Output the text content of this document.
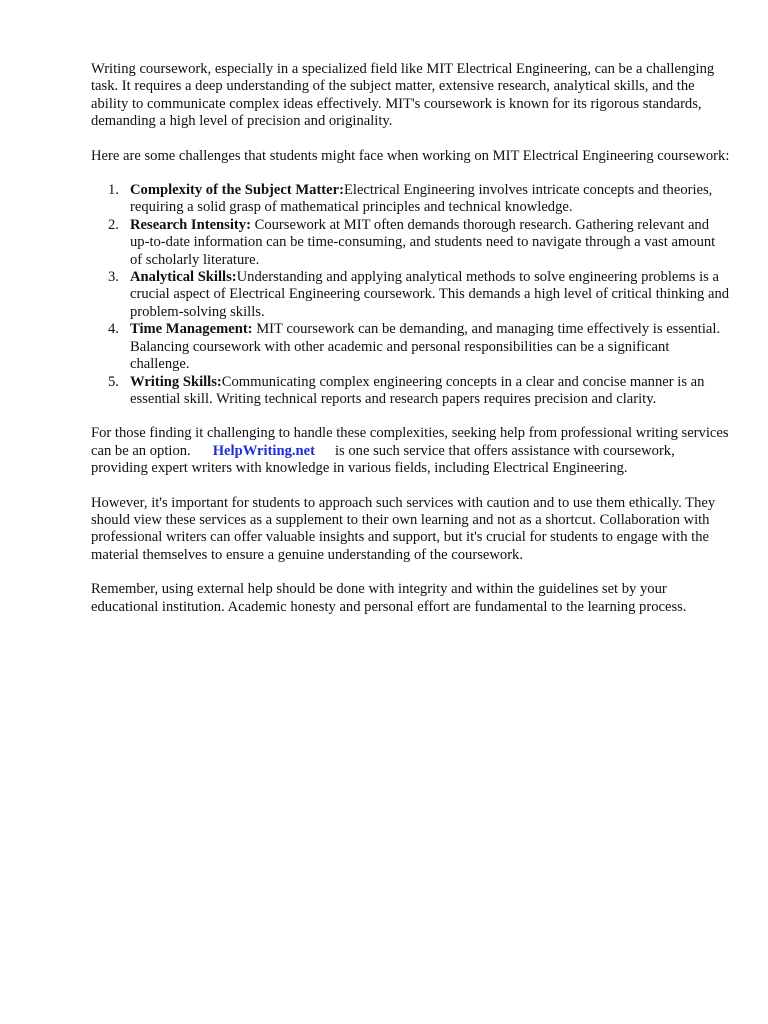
Writing coursework, especially in a specialized field like MIT Electrical Engineering, can be a challenging task. It requires a deep understanding of the subject matter, extensive research, analytical skills, and the ability to communicate complex ideas effectively. MIT's coursework is known for its rigorous standards, demanding a high level of precision and originality.

Here are some challenges that students might face when working on MIT Electrical Engineering coursework:

1. Complexity of the Subject Matter:Electrical Engineering involves intricate concepts and theories, requiring a solid grasp of mathematical principles and technical knowledge.
2. Research Intensity: Coursework at MIT often demands thorough research. Gathering relevant and up-to-date information can be time-consuming, and students need to navigate through a vast amount of scholarly literature.
3. Analytical Skills:Understanding and applying analytical methods to solve engineering problems is a crucial aspect of Electrical Engineering coursework. This demands a high level of critical thinking and problem-solving skills.
4. Time Management: MIT coursework can be demanding, and managing time effectively is essential. Balancing coursework with other academic and personal responsibilities can be a significant challenge.
5. Writing Skills:Communicating complex engineering concepts in a clear and concise manner is an essential skill. Writing technical reports and research papers requires precision and clarity.

For those finding it challenging to handle these complexities, seeking help from professional writing services can be an option. HelpWriting.net is one such service that offers assistance with coursework, providing expert writers with knowledge in various fields, including Electrical Engineering.

However, it's important for students to approach such services with caution and to use them ethically. They should view these services as a supplement to their own learning and not as a shortcut. Collaboration with professional writers can offer valuable insights and support, but it's crucial for students to engage with the material themselves to ensure a genuine understanding of the coursework.

Remember, using external help should be done with integrity and within the guidelines set by your educational institution. Academic honesty and personal effort are fundamental to the learning process.
